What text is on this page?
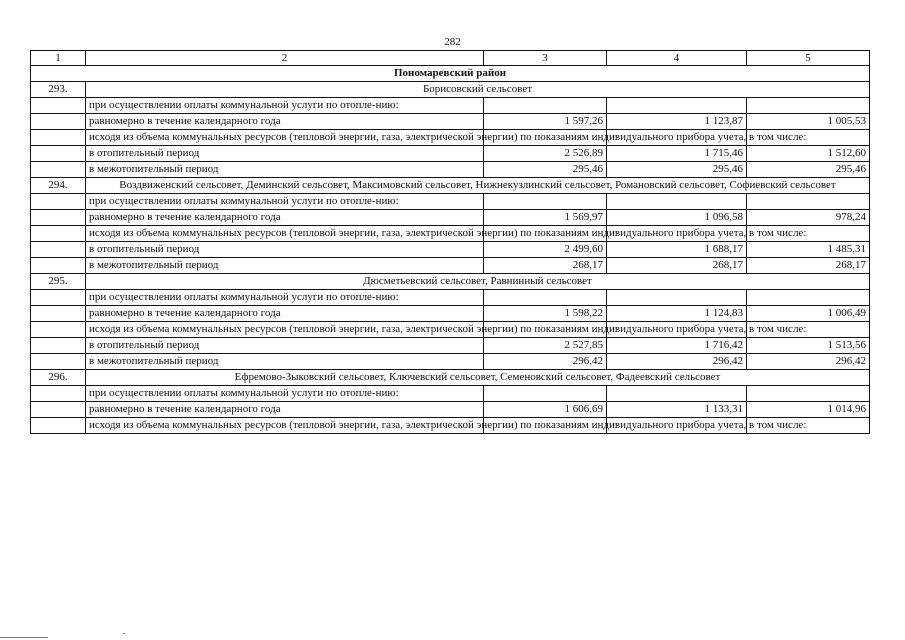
282
1	2	3	4	5
Пономаревский район				
293.	Борисовский сельсовет			
	при осуществлении оплаты коммунальной услуги по отопле-нию:			
	равномерно в течение календарного года	1 597,26	1 123,87	1 005,53
	исходя из объема коммунальных ресурсов (тепловой энергии, газа, электрической энергии) по показаниям индивидуального прибора учета, в том числе:			
	в отопительный период	2 526,89	1 715,46	1 512,60
	в межотопительный период	295,46	295,46	295,46
294.	Воздвиженский сельсовет, Деминский сельсовет, Максимовский сельсовет, Нижнекузлинский сельсовет, Романовский сельсовет, Софиевский сельсовет			
	при осуществлении оплаты коммунальной услуги по отопле-нию:			
	равномерно в течение календарного года	1 569,97	1 096,58	978,24
	исходя из объема коммунальных ресурсов (тепловой энергии, газа, электрической энергии) по показаниям индивидуального прибора учета, в том числе:			
	в отопительный период	2 499,60	1 688,17	1 485,31
	в межотопительный период	268,17	268,17	268,17
295.	Дюсметьевский сельсовет, Равнинный сельсовет			
	при осуществлении оплаты коммунальной услуги по отопле-нию:			
	равномерно в течение календарного года	1 598,22	1 124,83	1 006,49
	исходя из объема коммунальных ресурсов (тепловой энергии, газа, электрической энергии) по показаниям индивидуального прибора учета, в том числе:			
	в отопительный период	2 527,85	1 716,42	1 513,56
	в межотопительный период	296,42	296,42	296,42
296.	Ефремово-Зыковский сельсовет, Ключевский сельсовет, Семеновский сельсовет, Фадеевский сельсовет			
	при осуществлении оплаты коммунальной услуги по отопле-нию:			
	равномерно в течение календарного года	1 606,69	1 133,31	1 014,96
	исходя из объема коммунальных ресурсов (тепловой энергии, газа, электрической энергии) по показаниям индивидуального прибора учета, в том числе:			
